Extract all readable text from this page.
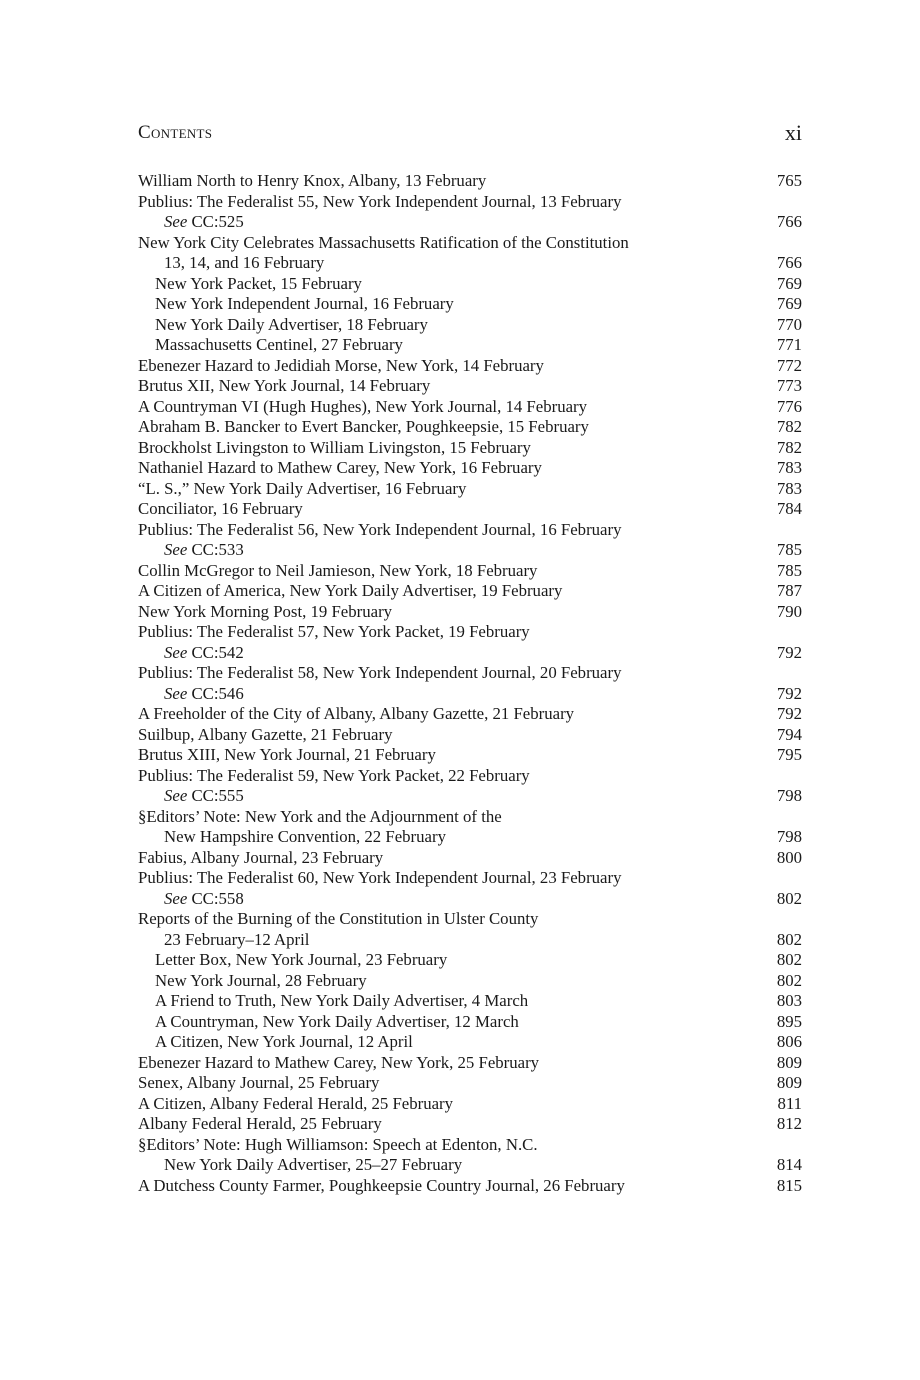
Contents	xi
William North to Henry Knox, Albany, 13 February	765
Publius: The Federalist 55, New York Independent Journal, 13 February
See CC:525	766
New York City Celebrates Massachusetts Ratification of the Constitution
13, 14, and 16 February	766
New York Packet, 15 February	769
New York Independent Journal, 16 February	769
New York Daily Advertiser, 18 February	770
Massachusetts Centinel, 27 February	771
Ebenezer Hazard to Jedidiah Morse, New York, 14 February	772
Brutus XII, New York Journal, 14 February	773
A Countryman VI (Hugh Hughes), New York Journal, 14 February	776
Abraham B. Bancker to Evert Bancker, Poughkeepsie, 15 February	782
Brockholst Livingston to William Livingston, 15 February	782
Nathaniel Hazard to Mathew Carey, New York, 16 February	783
“L. S.,” New York Daily Advertiser, 16 February	783
Conciliator, 16 February	784
Publius: The Federalist 56, New York Independent Journal, 16 February
See CC:533	785
Collin McGregor to Neil Jamieson, New York, 18 February	785
A Citizen of America, New York Daily Advertiser, 19 February	787
New York Morning Post, 19 February	790
Publius: The Federalist 57, New York Packet, 19 February
See CC:542	792
Publius: The Federalist 58, New York Independent Journal, 20 February
See CC:546	792
A Freeholder of the City of Albany, Albany Gazette, 21 February	792
Suilbup, Albany Gazette, 21 February	794
Brutus XIII, New York Journal, 21 February	795
Publius: The Federalist 59, New York Packet, 22 February
See CC:555	798
§Editors’ Note: New York and the Adjournment of the
New Hampshire Convention, 22 February	798
Fabius, Albany Journal, 23 February	800
Publius: The Federalist 60, New York Independent Journal, 23 February
See CC:558	802
Reports of the Burning of the Constitution in Ulster County
23 February–12 April	802
Letter Box, New York Journal, 23 February	802
New York Journal, 28 February	802
A Friend to Truth, New York Daily Advertiser, 4 March	803
A Countryman, New York Daily Advertiser, 12 March	895
A Citizen, New York Journal, 12 April	806
Ebenezer Hazard to Mathew Carey, New York, 25 February	809
Senex, Albany Journal, 25 February	809
A Citizen, Albany Federal Herald, 25 February	811
Albany Federal Herald, 25 February	812
§Editors’ Note: Hugh Williamson: Speech at Edenton, N.C.
New York Daily Advertiser, 25–27 February	814
A Dutchess County Farmer, Poughkeepsie Country Journal, 26 February	815
